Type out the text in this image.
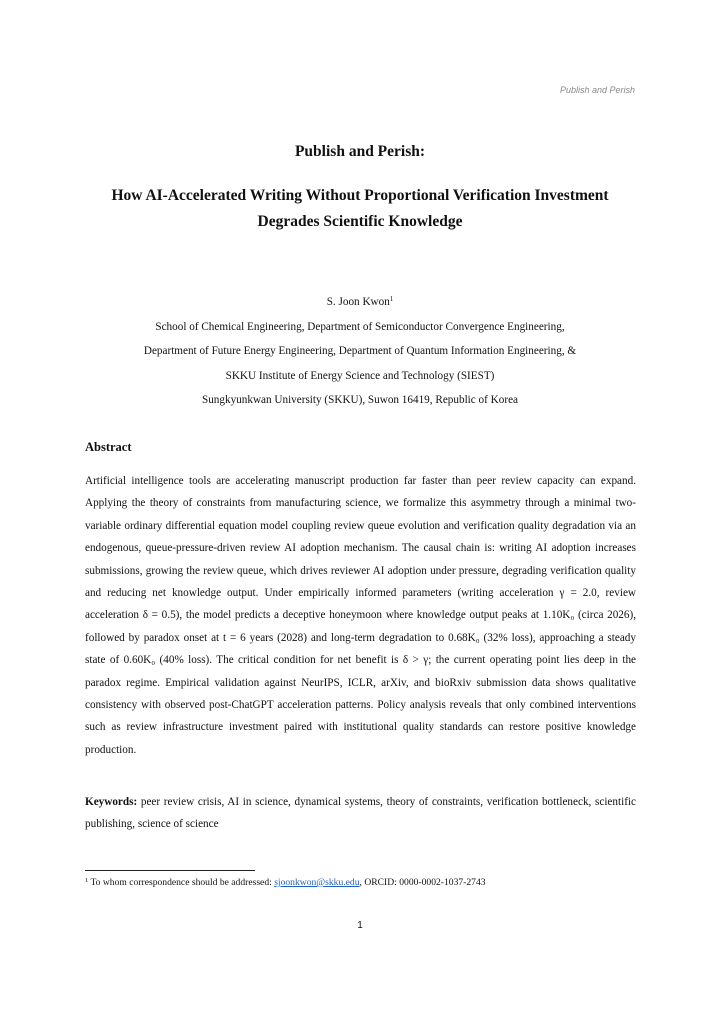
Publish and Perish
Publish and Perish:
How AI-Accelerated Writing Without Proportional Verification Investment
Degrades Scientific Knowledge
S. Joon Kwon$^1$
School of Chemical Engineering, Department of Semiconductor Convergence Engineering,
Department of Future Energy Engineering, Department of Quantum Information Engineering, &
SKKU Institute of Energy Science and Technology (SIEST)
Sungkyunkwan University (SKKU), Suwon 16419, Republic of Korea
Abstract

Artificial intelligence tools are accelerating manuscript production far faster than peer review capacity can expand. Applying the theory of constraints from manufacturing science, we formalize this asymmetry through a minimal two-variable ordinary differential equation model coupling review queue evolution and verification quality degradation via an endogenous, queue-pressure-driven review AI adoption mechanism. The causal chain is: writing AI adoption increases submissions, growing the review queue, which drives reviewer AI adoption under pressure, degrading verification quality and reducing net knowledge output. Under empirically informed parameters (writing acceleration γ = 2.0, review acceleration δ = 0.5), the model predicts a deceptive honeymoon where knowledge output peaks at 1.10K₀ (circa 2026), followed by paradox onset at t = 6 years (2028) and long-term degradation to 0.68K₀ (32% loss), approaching a steady state of 0.60K₀ (40% loss). The critical condition for net benefit is δ > γ; the current operating point lies deep in the paradox regime. Empirical validation against NeurIPS, ICLR, arXiv, and bioRxiv submission data shows qualitative consistency with observed post-ChatGPT acceleration patterns. Policy analysis reveals that only combined interventions such as review infrastructure investment paired with institutional quality standards can restore positive knowledge production.

Keywords: peer review crisis, AI in science, dynamical systems, theory of constraints, verification bottleneck, scientific publishing, science of science

$^1$ To whom correspondence should be addressed: sjoonkwon@skku.edu, ORCID: 0000-0002-1037-2743
1
